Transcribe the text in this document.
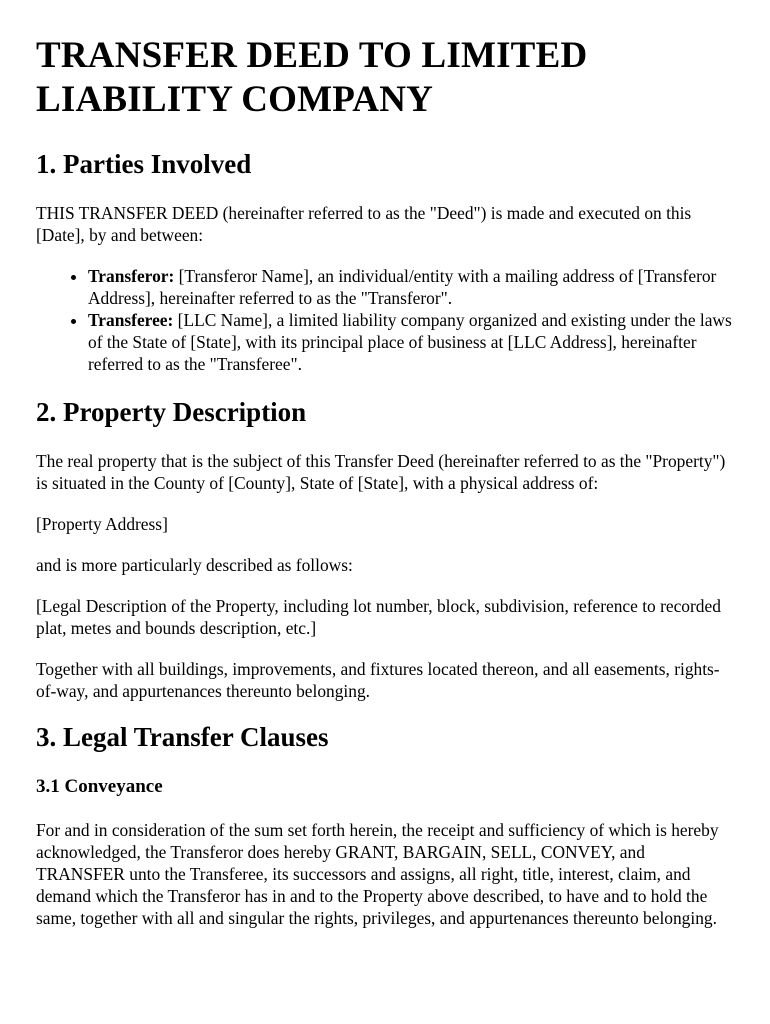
TRANSFER DEED TO LIMITED LIABILITY COMPANY
1. Parties Involved

THIS TRANSFER DEED (hereinafter referred to as the "Deed") is made and executed on this [Date], by and between:

• Transferor: [Transferor Name], an individual/entity with a mailing address of [Transferor Address], hereinafter referred to as the "Transferor".
• Transferee: [LLC Name], a limited liability company organized and existing under the laws of the State of [State], with its principal place of business at [LLC Address], hereinafter referred to as the "Transferee".
2. Property Description

The real property that is the subject of this Transfer Deed (hereinafter referred to as the "Property") is situated in the County of [County], State of [State], with a physical address of:

[Property Address]

and is more particularly described as follows:

[Legal Description of the Property, including lot number, block, subdivision, reference to recorded plat, metes and bounds description, etc.]

Together with all buildings, improvements, and fixtures located thereon, and all easements, rights-of-way, and appurtenances thereunto belonging.

3. Legal Transfer Clauses
3.1 Conveyance

For and in consideration of the sum set forth herein, the receipt and sufficiency of which is hereby acknowledged, the Transferor does hereby GRANT, BARGAIN, SELL, CONVEY, and TRANSFER unto the Transferee, its successors and assigns, all right, title, interest, claim, and demand which the Transferor has in and to the Property above described, to have and to hold the same, together with all and singular the rights, privileges, and appurtenances thereunto belonging.
